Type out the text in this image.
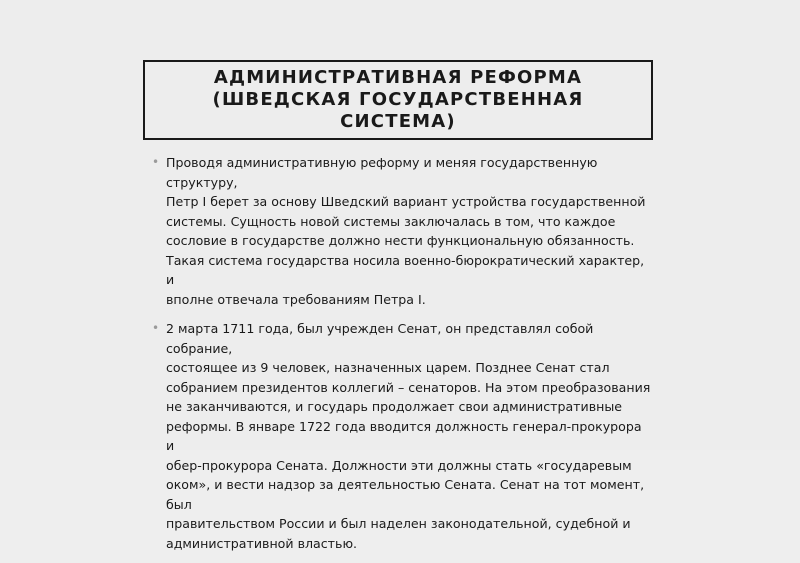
АДМИНИСТРАТИВНАЯ РЕФОРМА
(ШВЕДСКАЯ ГОСУДАРСТВЕННАЯ
СИСТЕМА)
• Проводя административную реформу и меняя государственную структуру,
Петр I берет за основу Шведский вариант устройства государственной
системы. Сущность новой системы заключалась в том, что каждое
сословие в государстве должно нести функциональную обязанность.
Такая система государства носила военно-бюрократический характер, и
вполне отвечала требованиям Петра I.
• 2 марта 1711 года, был учрежден Сенат, он представлял собой собрание,
состоящее из 9 человек, назначенных царем. Позднее Сенат стал
собранием президентов коллегий – сенаторов. На этом преобразования
не заканчиваются, и государь продолжает свои административные
реформы. В январе 1722 года вводится должность генерал-прокурора и
обер-прокурора Сената. Должности эти должны стать «государевым
оком», и вести надзор за деятельностью Сената. Сенат на тот момент, был
правительством России и был наделен законодательной, судебной и
административной властью.
